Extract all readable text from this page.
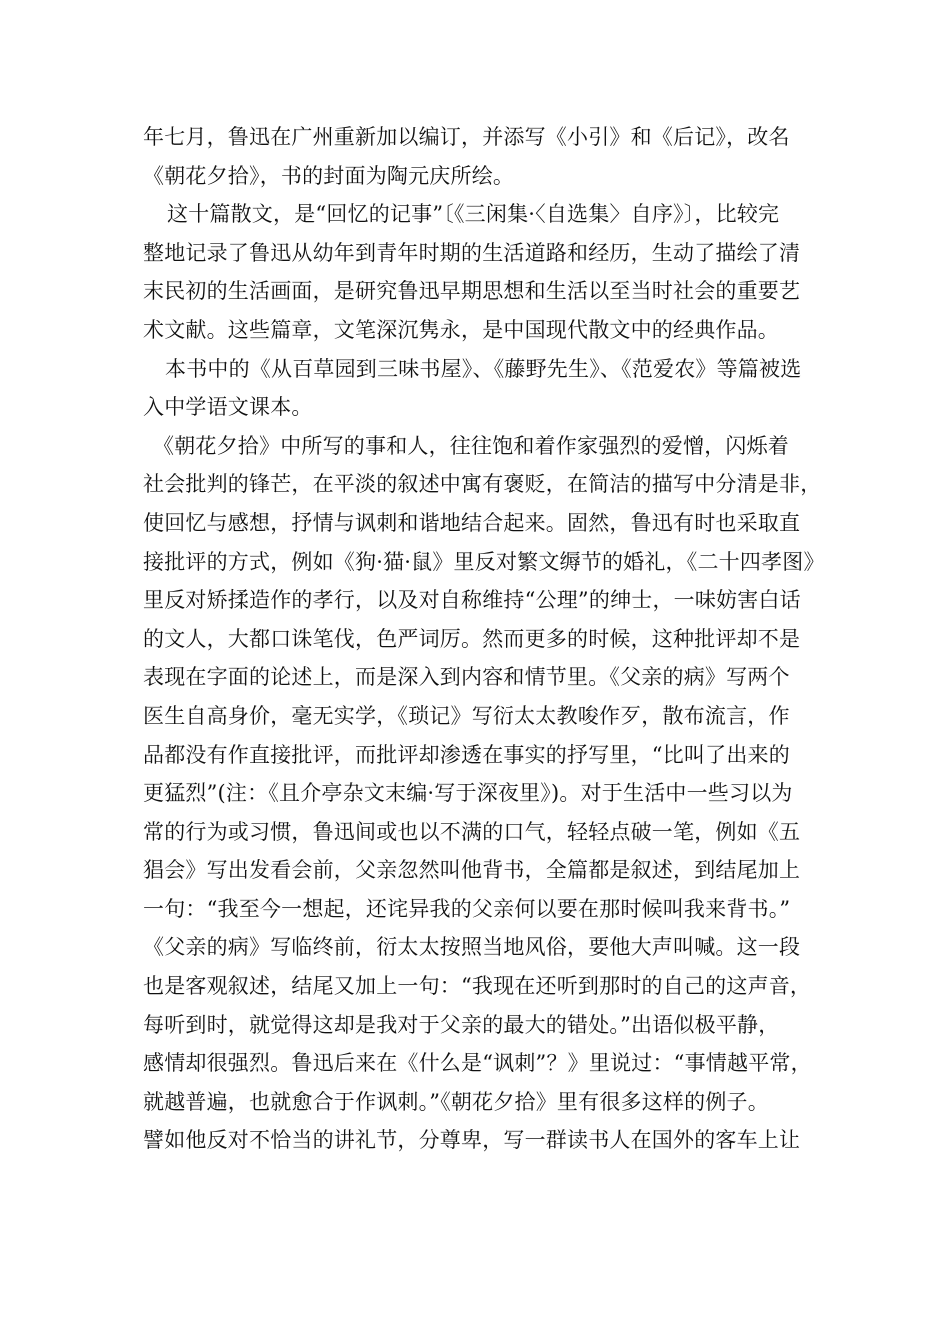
年七月，鲁迅在广州重新加以编订，并添写《小引》和《后记》，改名
《朝花夕拾》，书的封面为陶元庆所绘。
这十篇散文，是“回忆的记事”〔《三闲集·〈自选集〉自序》〕，比较完
整地记录了鲁迅从幼年到青年时期的生活道路和经历，生动了描绘了清
末民初的生活画面，是研究鲁迅早期思想和生活以至当时社会的重要艺
术文献。这些篇章，文笔深沉隽永，是中国现代散文中的经典作品。
本书中的《从百草园到三味书屋》、《藤野先生》、《范爱农》等篇被选
入中学语文课本。
《朝花夕拾》中所写的事和人，往往饱和着作家强烈的爱憎，闪烁着
社会批判的锋芒，在平淡的叙述中寓有褒贬，在简洁的描写中分清是非，
使回忆与感想，抒情与讽刺和谐地结合起来。固然，鲁迅有时也采取直
接批评的方式，例如《狗·猫·鼠》里反对繁文缛节的婚礼，《二十四孝图》
里反对矫揉造作的孝行，以及对自称维持“公理”的绅士，一味妨害白话
的文人，大都口诛笔伐，色严词厉。然而更多的时候，这种批评却不是
表现在字面的论述上，而是深入到内容和情节里。《父亲的病》写两个
医生自高身价，毫无实学，《琐记》写衍太太教唆作歹，散布流言，作
品都没有作直接批评，而批评却渗透在事实的抒写里，“比叫了出来的
更猛烈”(注：《且介亭杂文末编·写于深夜里》)。对于生活中一些习以为
常的行为或习惯，鲁迅间或也以不满的口气，轻轻点破一笔，例如《五
猖会》写出发看会前，父亲忽然叫他背书，全篇都是叙述，到结尾加上
一句：“我至今一想起，还诧异我的父亲何以要在那时候叫我来背书。”
《父亲的病》写临终前，衍太太按照当地风俗，要他大声叫喊。这一段
也是客观叙述，结尾又加上一句：“我现在还听到那时的自己的这声音，
每听到时，就觉得这却是我对于父亲的最大的错处。”出语似极平静，
感情却很强烈。鲁迅后来在《什么是“讽刺”？》里说过：“事情越平常，
就越普遍，也就愈合于作讽刺。”《朝花夕拾》里有很多这样的例子。
譬如他反对不恰当的讲礼节，分尊卑，写一群读书人在国外的客车上让
